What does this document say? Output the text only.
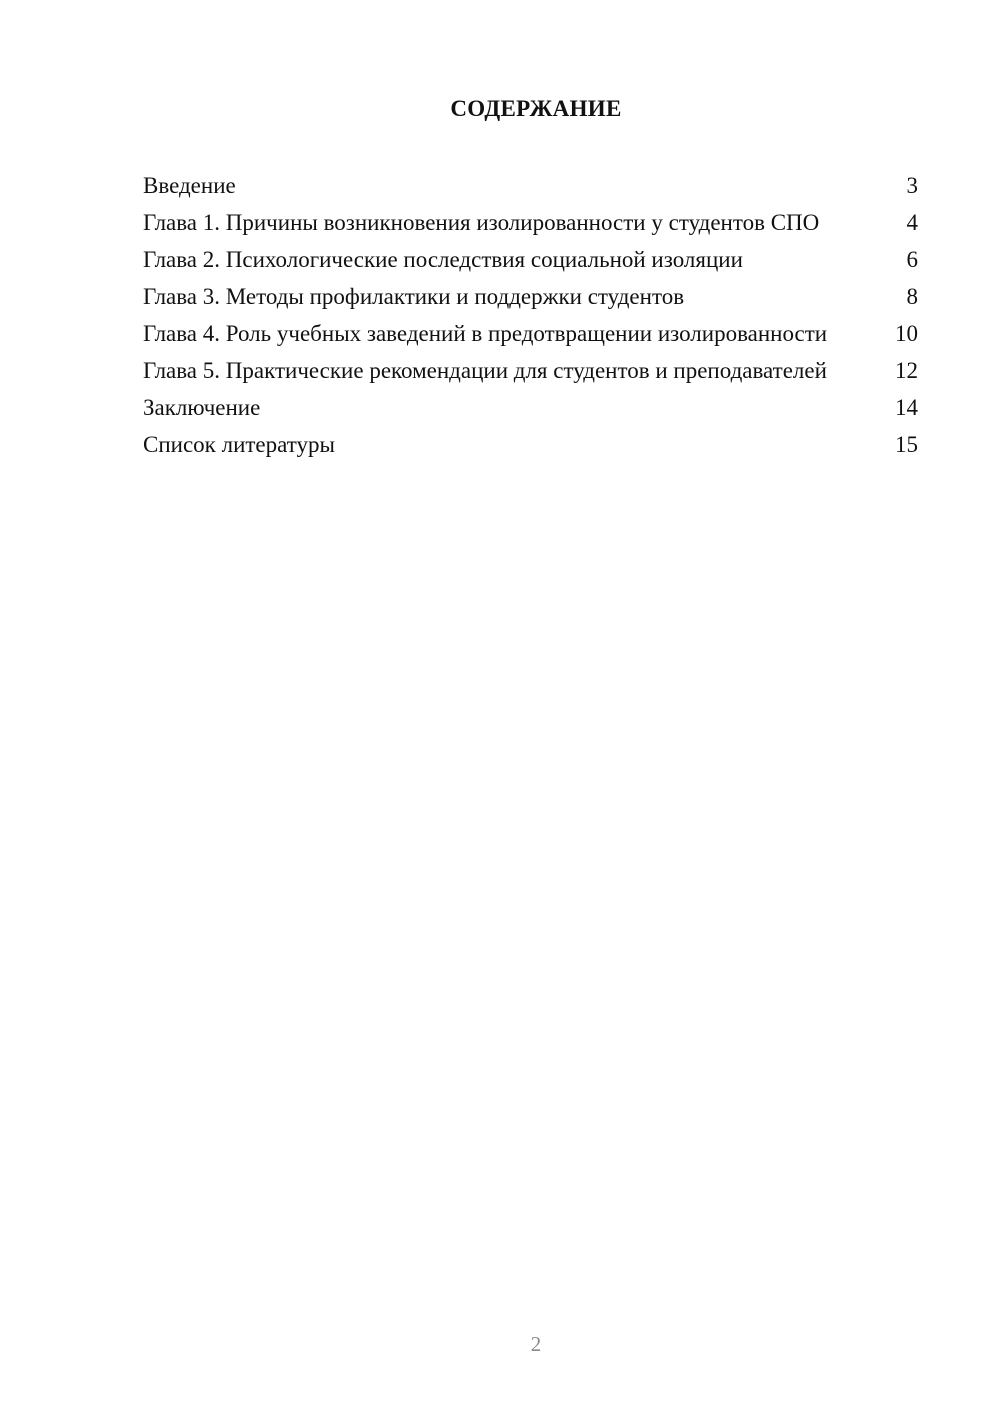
СОДЕРЖАНИЕ
Введение	3
Глава 1. Причины возникновения изолированности у студентов СПО	4
Глава 2. Психологические последствия социальной изоляции	6
Глава 3. Методы профилактики и поддержки студентов	8
Глава 4. Роль учебных заведений в предотвращении изолированности	10
Глава 5. Практические рекомендации для студентов и преподавателей	12
Заключение	14
Список литературы	15
2
